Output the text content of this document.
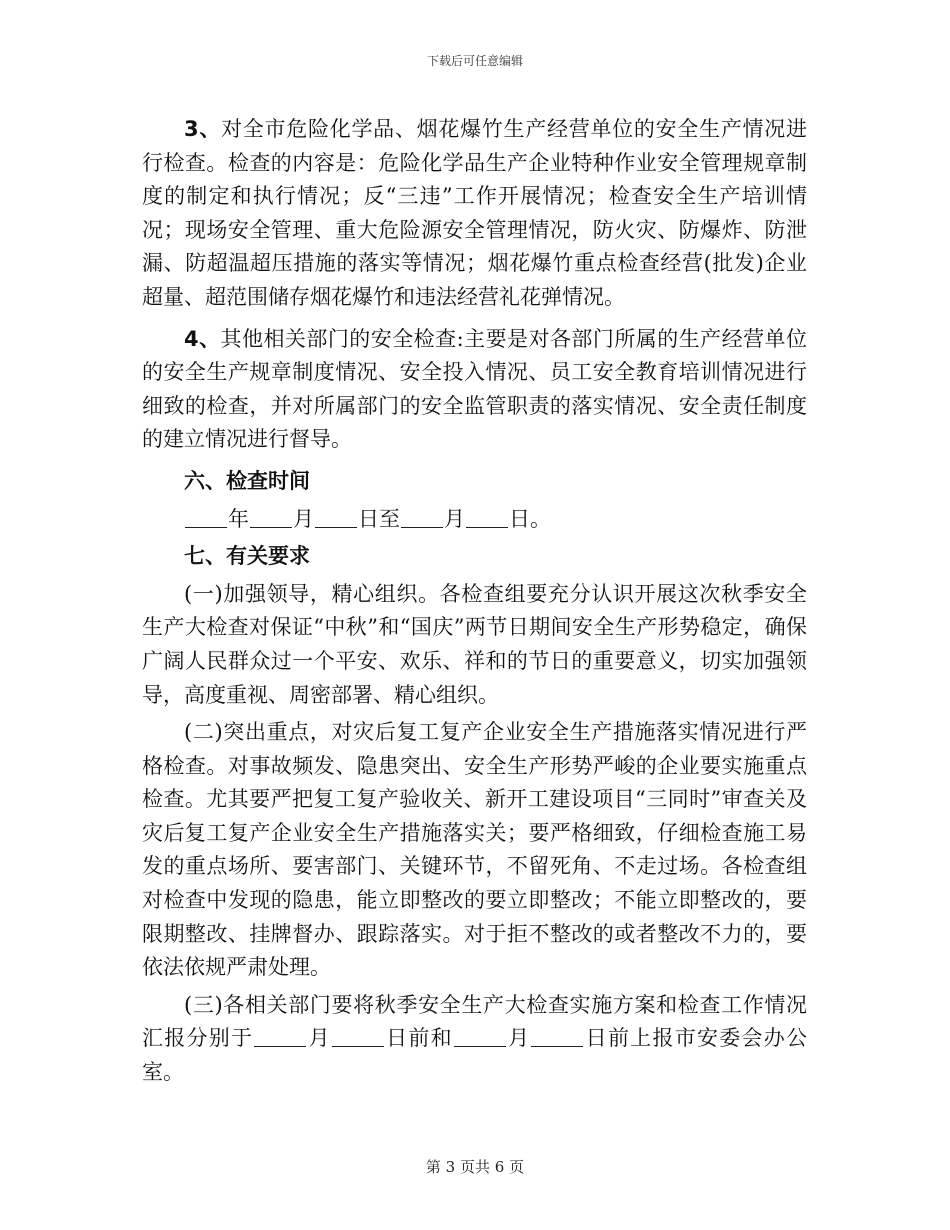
下载后可任意编辑

3、对全市危险化学品、烟花爆竹生产经营单位的安全生产情况进行检查。检查的内容是：危险化学品生产企业特种作业安全管理规章制度的制定和执行情况；反“三违”工作开展情况；检查安全生产培训情况；现场安全管理、重大危险源安全管理情况，防火灾、防爆炸、防泄漏、防超温超压措施的落实等情况；烟花爆竹重点检查经营(批发)企业超量、超范围储存烟花爆竹和违法经营礼花弹情况。

4、其他相关部门的安全检查:主要是对各部门所属的生产经营单位的安全生产规章制度情况、安全投入情况、员工安全教育培训情况进行细致的检查，并对所属部门的安全监管职责的落实情况、安全责任制度的建立情况进行督导。

六、检查时间

年 月 日至 月 日。

七、有关要求

(一)加强领导，精心组织。各检查组要充分认识开展这次秋季安全生产大检查对保证“中秋”和“国庆”两节日期间安全生产形势稳定，确保广阔人民群众过一个平安、欢乐、祥和的节日的重要意义，切实加强领导，高度重视、周密部署、精心组织。

(二)突出重点，对灾后复工复产企业安全生产措施落实情况进行严格检查。对事故频发、隐患突出、安全生产形势严峻的企业要实施重点检查。尤其要严把复工复产验收关、新开工建设项目“三同时”审查关及灾后复工复产企业安全生产措施落实关；要严格细致，仔细检查施工易发的重点场所、要害部门、关键环节，不留死角、不走过场。各检查组对检查中发现的隐患，能立即整改的要立即整改；不能立即整改的，要限期整改、挂牌督办、跟踪落实。对于拒不整改的或者整改不力的，要依法依规严肃处理。

(三)各相关部门要将秋季安全生产大检查实施方案和检查工作情况汇报分别于	月	日前和	月	日前上报市安委会办公室。

第 3 页共 6 页
